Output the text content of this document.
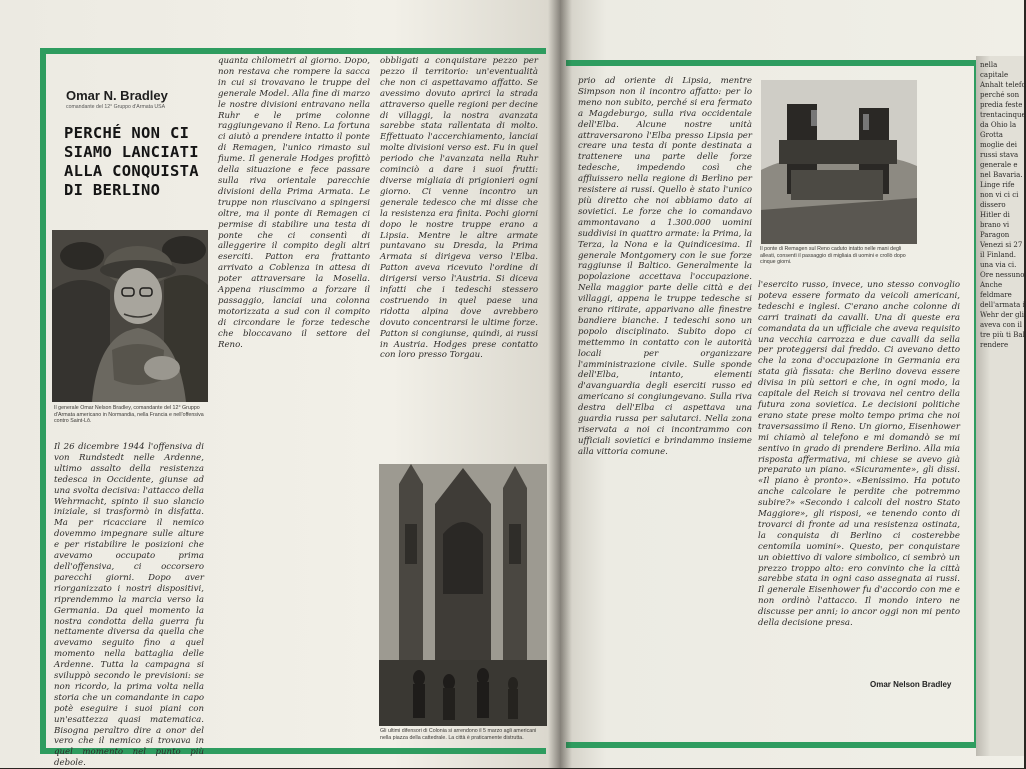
Omar N. Bradley
comandante del 12° Gruppo d'Armata USA
PERCHÉ NON CI SIAMO LANCIATI ALLA CONQUISTA DI BERLINO
Il generale Omar Nelson Bradley, comandante del 12° Gruppo d'Armata americano in Normandia, nella Francia e nell'offensiva contro Saint-Lô.
Il 26 dicembre 1944 l'offensiva di von Rundstedt nelle Ardenne, ultimo assalto della resistenza tedesca in Occidente, giunse ad una svolta decisiva: l'attacco della Wehrmacht, spinto il suo slancio iniziale, si trasformò in disfatta. Ma per ricacciare il nemico dovemmo impegnare sulle alture e per ristabilire le posizioni che avevamo occupato prima dell'offensiva, ci occorsero parecchi giorni. Dopo aver riorganizzato i nostri dispositivi, riprendemmo la marcia verso la Germania. Da quel momento la nostra condotta della guerra fu nettamente diversa da quella che avevamo seguito fino a quel momento nella battaglia delle Ardenne. Tutta la campagna si sviluppò secondo le previsioni: se non ricordo, la prima volta nella storia che un comandante in capo potè eseguire i suoi piani con un'esattezza quasi matematica. Bisogna peraltro dire a onor del vero che il nemico si trovava in quel momento nel punto più debole.
quanta chilometri al giorno. Dopo, non restava che rompere la sacca in cui si trovavano le truppe del generale Model. Alla fine di marzo le nostre divisioni entravano nella Ruhr e le prime colonne raggiungevano il Reno. La fortuna ci aiutò a prendere intatto il ponte di Remagen, l'unico rimasto sul fiume. Il generale Hodges profittò della situazione e fece passare sulla riva orientale parecchie divisioni della Prima Armata. Le truppe non riuscivano a spingersi oltre, ma il ponte di Remagen ci permise di stabilire una testa di ponte che ci consentì di alleggerire il compito degli altri eserciti. Patton era frattanto arrivato a Coblenza in attesa di poter attraversare la Mosella. Appena riuscimmo a forzare il passaggio, lanciai una colonna motorizzata a sud con il compito di circondare le forze tedesche che bloccavano il settore del Reno.
obbligati a conquistare pezzo per pezzo il territorio: un'eventualità che non ci aspettavamo affatto. Se avessimo dovuto aprirci la strada attraverso quelle regioni per decine di villaggi, la nostra avanzata sarebbe stata rallentata di molto. Effettuato l'accerchiamento, lanciai molte divisioni verso est. Fu in quel periodo che l'avanzata nella Ruhr cominciò a dare i suoi frutti: diverse migliaia di prigionieri ogni giorno. Ci venne incontro un generale tedesco che mi disse che la resistenza era finita. Pochi giorni dopo le nostre truppe erano a Lipsia. Mentre le altre armate puntavano su Dresda, la Prima Armata si dirigeva verso l'Elba. Patton aveva ricevuto l'ordine di dirigersi verso l'Austria. Si diceva infatti che i tedeschi stessero costruendo in quel paese una ridotta alpina dove avrebbero dovuto concentrarsi le ultime forze. Patton si congiunse, quindi, ai russi in Austria. Hodges prese contatto con loro presso Torgau.
Gli ultimi difensori di Colonia si arrendono il 5 marzo agli americani nella piazza della cattedrale. La città è praticamente distrutta.
prio ad oriente di Lipsia, mentre Simpson non il incontro affatto: per lo meno non subito, perché si era fermato a Magdeburgo, sulla riva occidentale dell'Elba. Alcune nostre unità attraversarono l'Elba presso Lipsia per creare una testa di ponte destinata a trattenere una parte delle forze tedesche, impedendo così che affluissero nella regione di Berlino per resistere ai russi. Quello è stato l'unico più diretto che noi abbiamo dato ai sovietici. Le forze che io comandavo ammontavano a 1.300.000 uomini suddivisi in quattro armate: la Prima, la Terza, la Nona e la Quindicesima. Il generale Montgomery con le sue forze raggiunse il Baltico. Generalmente la popolazione accettava l'occupazione. Nella maggior parte delle città e dei villaggi, appena le truppe tedesche si erano ritirate, apparivano alle finestre bandiere bianche. I tedeschi sono un popolo disciplinato. Subito dopo ci mettemmo in contatto con le autorità locali per organizzare l'amministrazione civile. Sulle sponde dell'Elba, intanto, elementi d'avanguardia degli eserciti russo ed americano si congiungevano. Sulla riva destra dell'Elba ci aspettava una guardia russa per salutarci. Nella zona riservata a noi ci incontrammo con ufficiali sovietici e brindammo insieme alla vittoria comune.
Il ponte di Remagen sul Reno caduto intatto nelle mani degli alleati, consentì il passaggio di migliaia di uomini e crollò dopo cinque giorni.
l'esercito russo, invece, uno stesso convoglio poteva essere formato da veicoli americani, tedeschi e inglesi. C'erano anche colonne di carri trainati da cavalli. Una di queste era comandata da un ufficiale che aveva requisito una vecchia carrozza e due cavalli da sella per proteggersi dal freddo. Ci avevano detto che la zona d'occupazione in Germania era stata già fissata: che Berlino doveva essere divisa in più settori e che, in ogni modo, la capitale del Reich si trovava nel centro della futura zona sovietica. Le decisioni politiche erano state prese molto tempo prima che noi traversassimo il Reno. Un giorno, Eisenhower mi chiamò al telefono e mi domandò se mi sentivo in grado di prendere Berlino. Alla mia risposta affermativa, mi chiese se avevo già preparato un piano. «Sicuramente», gli dissi. «Il piano è pronto». «Benissimo. Ha potuto anche calcolare le perdite che potremmo subire?» «Secondo i calcoli del nostro Stato Maggiore», gli risposi, «e tenendo conto di trovarci di fronte ad una resistenza ostinata, la conquista di Berlino ci costerebbe centomila uomini». Questo, per conquistare un obiettivo di valore simbolico, ci sembrò un prezzo troppo alto: ero convinto che la città sarebbe stata in ogni caso assegnata ai russi. Il generale Eisenhower fu d'accordo con me e non ordinò l'attacco. Il mondo intero ne discusse per anni; io ancor oggi non mi pento della decisione presa.
Omar Nelson Bradley
nella capitale Anhalt telefo perché son predia feste trentacinque da Ohio la Grotta moglie dei russi stava generale e nel Bavaria. Linge rife non vi ci ci dissero Hitler di brano vi Paragon Venezi si 27 il Finland. una via ci. Ore nessuno Anche feldmare dell'armata i Wehr der gli aveva con il tre più ti Bal rendere
